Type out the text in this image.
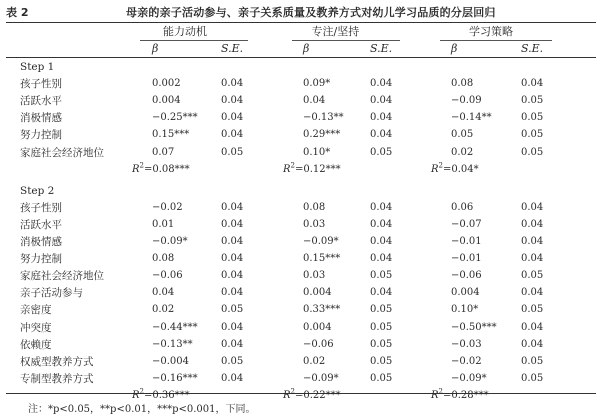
表 2	母亲的亲子活动参与、亲子关系质量及教养方式对幼儿学习品质的分层回归
能力动机
β	S.E.
专注/坚持
β	S.E.
学习策略
β	S.E.
Step 1
孩子性别	0.002	0.04	0.09*	0.04	0.08	0.04
活跃水平	0.004	0.04	0.04	0.04	−0.09	0.05
消极情感	−0.25*** 0.04	−0.13**	0.04	−0.14**	0.05
努力控制	0.15***	0.04	0.29***	0.04	0.05	0.05
家庭社会经济地位	0.07	0.05	0.10*	0.05	0.02	0.05
$R^2=0.08***$	$R^2=0.12***$	$R^2=0.04*$
Step 2
孩子性别	−0.02	0.04	0.08	0.04	0.06	0.04
活跃水平	0.01	0.04	0.03	0.04	−0.07	0.04
消极情感	−0.09*	0.04	−0.09*	0.04	−0.01	0.04
努力控制	0.08	0.04	0.15***	0.04	−0.01	0.04
家庭社会经济地位	−0.06	0.04	0.03	0.05	−0.06	0.05
亲子活动参与	0.04	0.04	0.004	0.04	0.004	0.04
亲密度	0.02	0.05	0.33***	0.05	0.10*	0.05
冲突度	−0.44*** 0.04	0.004	0.05	−0.50*** 0.04
依赖度	−0.13**	0.04	−0.06	0.05	−0.03	0.04
权威型教养方式	−0.004	0.05	0.02	0.05	−0.02	0.05
专制型教养方式	−0.16*** 0.04	−0.09*	0.05	−0.09*	0.05
$R^2=0.36***$	$R^2=0.22***$	$R^2=0.28***$
注：*p<0.05，**p<0.01，***p<0.001，下同。
